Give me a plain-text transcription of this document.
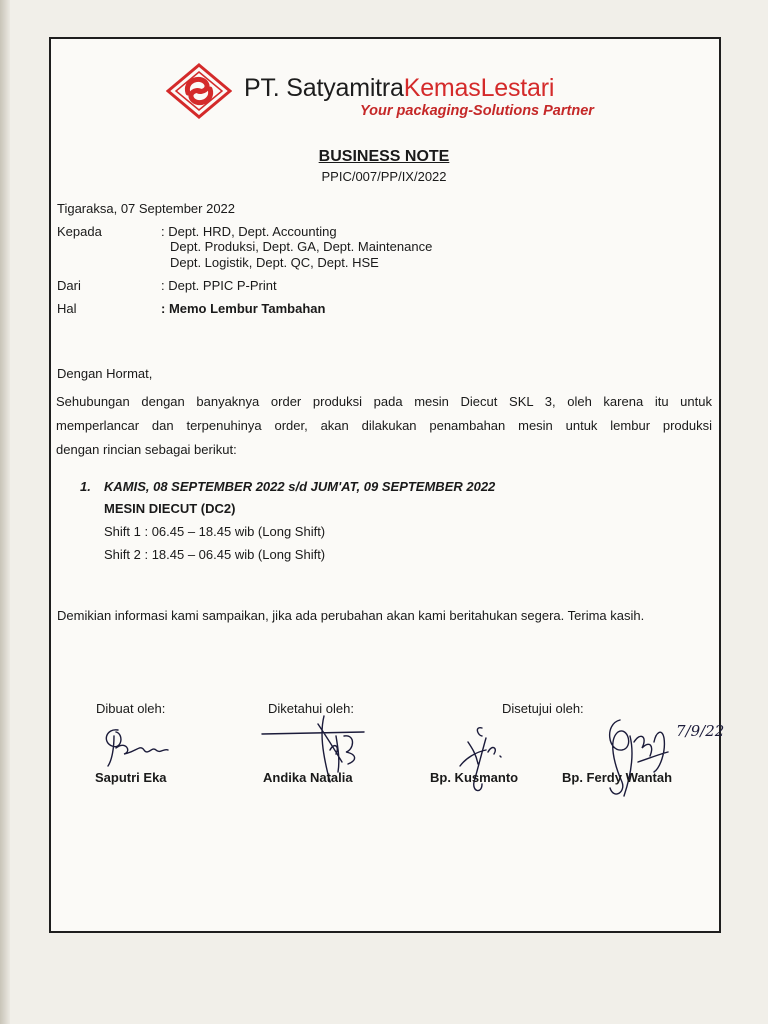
PT. SatyamitraKemasLestari
Your packaging-Solutions Partner
BUSINESS NOTE
PPIC/007/PP/IX/2022
Tigaraksa, 07 September 2022
Kepada	: Dept. HRD, Dept. Accounting
Dept. Produksi, Dept. GA, Dept. Maintenance
Dept. Logistik, Dept. QC, Dept. HSE
Dari	: Dept. PPIC P-Print
Hal	: Memo Lembur Tambahan
Dengan Hormat,
Sehubungan dengan banyaknya order produksi pada mesin Diecut SKL 3, oleh karena itu untuk
memperlancar dan terpenuhinya order, akan dilakukan penambahan mesin untuk lembur produksi
dengan rincian sebagai berikut:
1. KAMIS, 08 SEPTEMBER 2022 s/d JUM'AT, 09 SEPTEMBER 2022
MESIN DIECUT (DC2)
Shift 1 : 06.45 – 18.45 wib (Long Shift)
Shift 2 : 18.45 – 06.45 wib (Long Shift)
Demikian informasi kami sampaikan, jika ada perubahan akan kami beritahukan segera. Terima kasih.
Dibuat oleh:	Diketahui oleh:	Disetujui oleh:
7/9/22
Saputri Eka	Andika Natalia	Bp. Kusmanto	Bp. Ferdy Wantah
